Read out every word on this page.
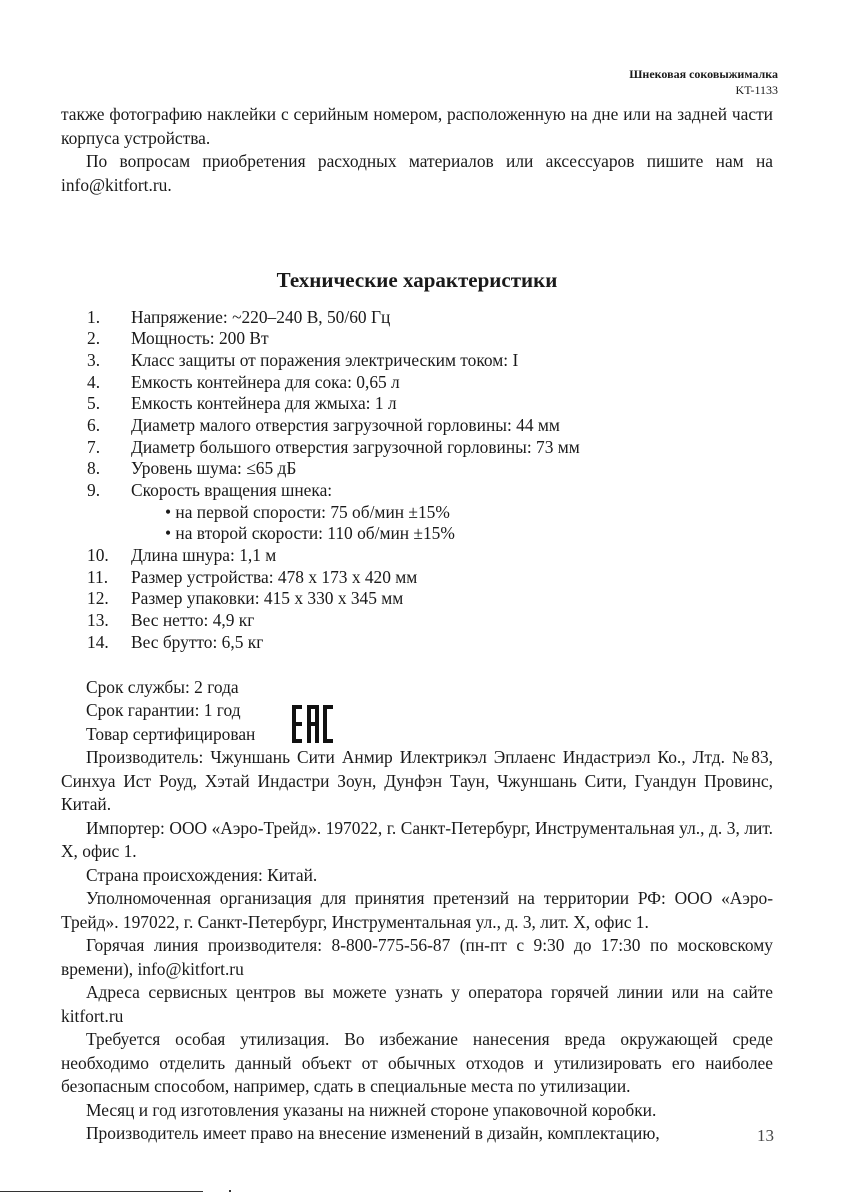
Шнековая соковыжималка
KT-1133

также фотографию наклейки с серийным номером, расположенную на дне или на задней части корпуса устройства.

По вопросам приобретения расходных материалов или аксессуаров пишите нам на info@kitfort.ru.

Технические характеристики
1. Напряжение: ~220–240 В, 50/60 Гц
2. Мощность: 200 Вт
3. Класс защиты от поражения электрическим током: I
4. Емкость контейнера для сока: 0,65 л
5. Емкость контейнера для жмыха: 1 л
6. Диаметр малого отверстия загрузочной горловины: 44 мм
7. Диаметр большого отверстия загрузочной горловины: 73 мм
8. Уровень шума: ≤65 дБ
9. Скорость вращения шнека:
• на первой спорости: 75 об/мин ±15%
• на второй скорости: 110 об/мин ±15%
10. Длина шнура: 1,1 м
11. Размер устройства: 478 x 173 x 420 мм
12. Размер упаковки: 415 x 330 x 345 мм
13. Вес нетто: 4,9 кг
14. Вес брутто: 6,5 кг

Срок службы: 2 года

Срок гарантии: 1 год

Товар сертифицирован

Производитель: Чжуншань Сити Анмир Илектрикэл Эплаенс Индастриэл Ко., Лтд. №83, Синхуа Ист Роуд, Хэтай Индастри Зоун, Дунфэн Таун, Чжуншань Сити, Гуандун Провинс, Китай.

Импортер: ООО «Аэро-Трейд». 197022, г. Санкт-Петербург, Инструментальная ул., д. 3, лит. Х, офис 1.

Страна происхождения: Китай.

Уполномоченная организация для принятия претензий на территории РФ: ООО «Аэро-Трейд». 197022, г. Санкт-Петербург, Инструментальная ул., д. 3, лит. Х, офис 1.

Горячая линия производителя: 8-800-775-56-87 (пн-пт с 9:30 до 17:30 по московскому времени), info@kitfort.ru

Адреса сервисных центров вы можете узнать у оператора горячей линии или на сайте kitfort.ru

Требуется особая утилизация. Во избежание нанесения вреда окружающей среде необходимо отделить данный объект от обычных отходов и утилизировать его наиболее безопасным способом, например, сдать в специальные места по утилизации.

Месяц и год изготовления указаны на нижней стороне упаковочной коробки.

Производитель имеет право на внесение изменений в дизайн, комплектацию,	13
